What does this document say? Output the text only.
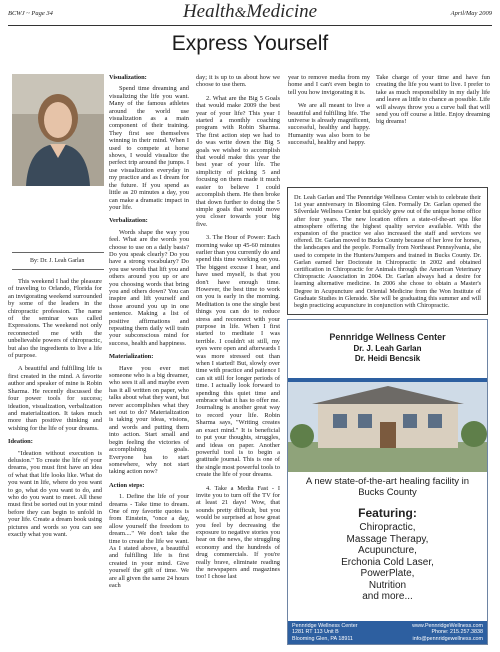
BCWJ ~ Page 34	Health&Medicine	April/May 2009
Express Yourself
By: Dr. J. Leah Garlan

This weekend I had the pleasure of traveling to Orlando, Florida for an invigorating weekend surrounded by some of the leaders in the chiropractic profession. The name of the seminar was called Expressions. The weekend not only reconnected me with the unbelievable powers of chiropractic, but also the ingredients to live a life of purpose.

A beautiful and fulfilling life is first created in the mind. A favorite author and speaker of mine is Robin Sharma. He recently discussed the four power tools for success; ideation, visualization, verbalization and materialization. It takes much more than positive thinking and wishing for the life of your dreams.

Ideation:

"Ideation without execution is delusion." To create the life of your dreams, you must first have an idea of what that life looks like. What do you want in life, where do you want to go, what do you want to do, and who do you want to meet. All these must first be sorted out in your mind before they can begin to unfold in your life. Create a dream book using pictures and words so you can see exactly what you want.

Visualization:

Spend time dreaming and visualizing the life you want. Many of the famous athletes around the world use visualization as a main component of their training. They first see themselves winning in their mind. When I used to compete at horse shows, I would visualize the perfect trip around the jumps. I use visualization everyday in my practice and as I dream for the future. If you spend as little as 20 minutes a day, you can make a dramatic impact in your life.

Verbalization:

Words shape the way you feel. What are the words you choose to use on a daily basis? Do you speak clearly? Do you have a strong vocabulary? Do you use words that lift you and others around you up or are you choosing words that bring you and others down? You can inspire and lift yourself and those around you up in one sentence. Making a list of positive affirmations and repeating them daily will train your subconscious mind for success, health and happiness.

Materialization:

Have you ever met someone who is a big dreamer, who sees it all and maybe even has it all written on paper, who talks about what they want, but never accomplishes what they set out to do? Materialization is taking your ideas, visions, and words and putting them into action. Start small and begin feeling the victories of accomplishing goals. Everyone has to start somewhere, why not start taking action now?

Action steps:

1. Define the life of your dreams - Take time to dream. One of my favorite quotes is from Einstein, "once a day, allow yourself the freedom to dream...." We don't take the time to create the life we want. As I stated above, a beautiful and fulfilling life is first created in your mind. Give yourself the gift of time. We are all given the same 24 hours each

day; it is up to us about how we choose to use them.

2. What are the Big 5 Goals that would make 2009 the best year of your life? This year I started a monthly coaching program with Robin Sharma. The first action step we had to do was write down the Big 5 goals we wished to accomplish that would make this year the best year of your life. The simplicity of picking 5 and focusing on them made it much easier to believe I could accomplish them. He then broke that down further to doing the 5 simple goals that would move you closer towards your big five.

3. The Hour of Power: Each morning wake up 45-60 minutes earlier than you currently do and spend this time working on you. The biggest excuse I hear, and have used myself, is that you don't have enough time. However, the best time to work on you is early in the morning. Meditation is one the single best things you can do to reduce stress and reconnect with your purpose in life. When I first started to meditate I was terrible. I couldn't sit still, my eyes were open and afterwards I was more stressed out than when I started! But, slowly over time with practice and patience I can sit still for longer periods of time. I actually look forward to spending this quiet time and embrace what it has to offer me. Journaling is another great way to record your life. Robin Sharma says, "Writing creates an exact mind." It is beneficial to put your thoughts, struggles, and ideas on paper. Another powerful tool is to begin a gratitude journal. This is one of the single most powerful tools to create the life of your dreams.

4. Take a Media Fast - I invite you to turn off the TV for at least 21 days! Wow, that sounds pretty difficult, but you would be surprised at how great you feel by decreasing the exposure to negative stories you hear on the news, the struggling economy and the hundreds of drug commercials. If you're really brave, eliminate reading the newspapers and magazines too! I chose last

year to remove media from my home and I can't even begin to tell you how invigorating it is.

We are all meant to live a beautiful and fulfilling life. The universe is already magnificent, successful, healthy and happy. Humanity was also born to be successful, healthy and happy.

Take charge of your time and have fun creating the life you want to live. I prefer to take as much responsibility in my daily life and leave as little to chance as possible. Life will always throw you a curve ball that will send you off course a little. Enjoy dreaming big dreams!

Dr. Leah Garlan and The Pennridge Wellness Center wish to celebrate their 1st year anniversary in Blooming Glen. Formally Dr. Garlan opened the Silverdale Wellness Center but quickly grew out of the unique home office after four years. The new location offers a state-of-the-art spa like atmosphere offering the highest quality service available. With the expansion of the practice we also increased the staff and services we offered. Dr. Garlan moved to Bucks County because of her love for horses, the landscapes and the people. Formally from Northeast Pennsylvania, she used to compete in the Hunters/Jumpers and trained in Bucks County. Dr. Garlan earned her Doctorate in Chiropractic in 2002 and obtained certification in Chiropractic for Animals through the American Veterinary Chiropractic Association in 2004. Dr. Garlan always had a desire for learning alternative medicine. In 2006 she chose to obtain a Master's Degree in Acupuncture and Oriental Medicine from the Won Institute of Graduate Studies in Glenside. She will be graduating this summer and will begin practicing acupuncture in conjunction with Chiropractic.
Pennridge Wellness Center
Dr. J. Leah Garlan
Dr. Heidi Bencsik
A new state-of-the-art healing facility in Bucks County
Featuring:
Chiropractic,
Massage Therapy,
Acupuncture,
Erchonia Cold Laser,
PowerPlate,
Nutrition
and more...
Pennridge Wellness Center
1281 RT 113 Unit B
Blooming Glen, PA 18911
www.PennridgeWellness.com
Phone: 215.257.3838
info@pennridgewellness.com
